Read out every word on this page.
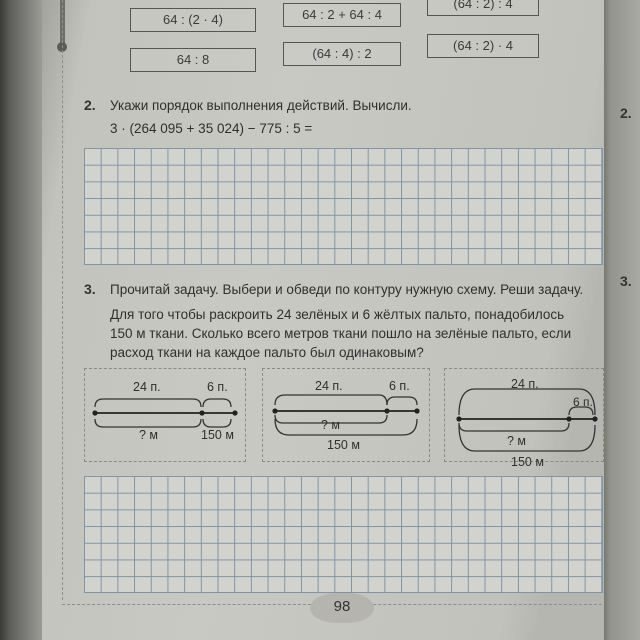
64 : (2 · 4)	64 : 2 + 64 : 4
(64 : 2) : 4
64 : 8	(64 : 4) : 2
(64 : 2) · 4
2. Укажи порядок выполнения действий. Вычисли.
3 · (264 095 + 35 024) − 775 : 5 =
3. Прочитай задачу. Выбери и обведи по контуру нужную схему. Реши задачу.
Для того чтобы раскроить 24 зелёных и 6 жёлтых пальто, понадобилось
150 м ткани. Сколько всего метров ткани пошло на зелёные пальто, если
расход ткани на каждое пальто был одинаковым?
24 п.	6 п.
? м	150 м
24 п.	6 п.
? м
150 м
24 п.
6 п.
? м
150 м
98
2.
3.
